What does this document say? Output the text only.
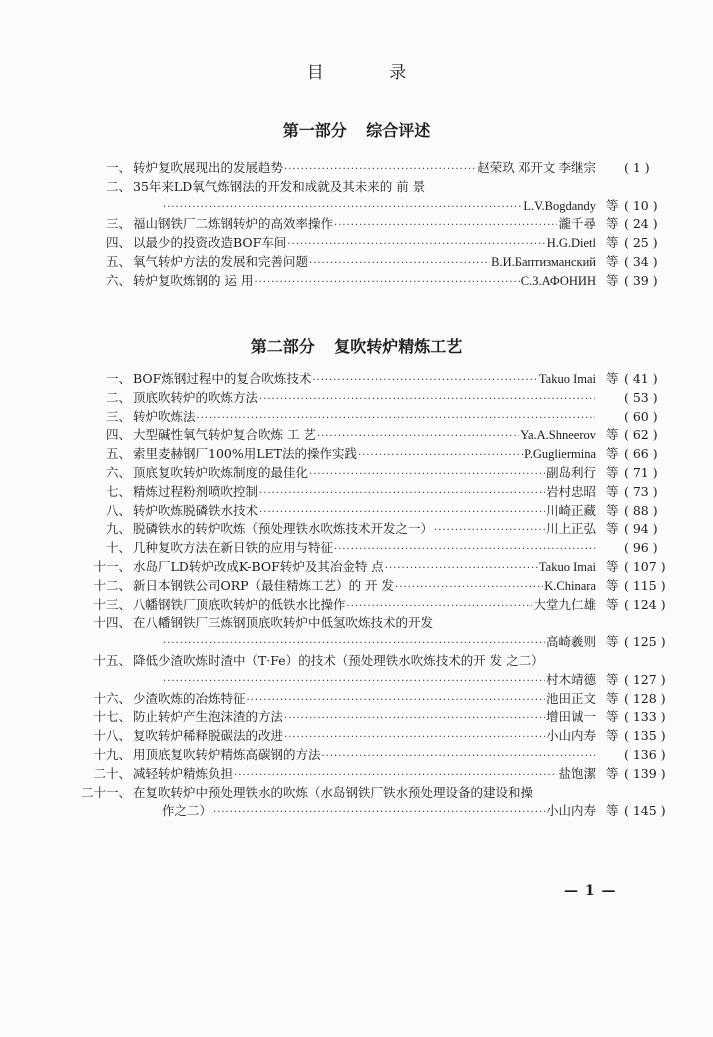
目 录
第一部分 综合评述
一、 转炉复吹展现出的发展趋势 ·····	赵荣玖 邓开文 李继宗	( 1 )
二、 35年来LD氧气炼钢法的开发和成就及其未来的 前 景
·····
L.V.Bogdandy 等	( 10 )
三、 福山钢铁厂二炼钢转炉的高效率操作 ·····	瀧千尋 等	( 24 )
四、 以最少的投资改造BOF车间 ·····	H.G.Dietl 等	( 25 )
五、 氧气转炉方法的发展和完善问题 ·····	В.И.Баптизманский 等	( 34 )
六、 转炉复吹炼钢的 运 用 ·····	С.З.АФОНИН 等	( 39 )
第二部分 复吹转炉精炼工艺
一、 BOF炼钢过程中的复合吹炼技术 ·····	Takuo Imai 等	( 41 )
二、 顶底吹转炉的吹炼方法 ·····	( 53 )
三、 转炉吹炼法 ·····	( 60 )
四、 大型碱性氧气转炉复合吹炼 工 艺 ·····	Ya.A.Shneerov 等	( 62 )
五、 索里麦赫钢厂100%用LET法的操作实践 ·····	P.Gugliermina 等	( 66 )
六、 顶底复吹转炉吹炼制度的最佳化 ·····	副岛利行 等	( 71 )
七、 精炼过程粉剂喷吹控制 ·····	岩村忠昭 等	( 73 )
八、 转炉吹炼脱磷铁水技术 ·····	川崎正藏 等	( 88 )
九、 脱磷铁水的转炉吹炼（预处理铁水吹炼技术开发之一） ·····	川上正弘 等	( 94 )
十、 几种复吹方法在新日铁的应用与特征 ·····	( 96 )
十一、 水岛厂LD转炉改成K-BOF转炉及其冶金特 点 ·····	Takuo Imai 等	( 107 )
十二、 新日本钢铁公司ORP（最佳精炼工艺）的 开 发 ·····	K.Chinara 等	( 115 )
十三、 八幡钢铁厂顶底吹转炉的低铁水比操作 ·····	大堂九仁雄 等	( 124 )
十四、 在八幡钢铁厂三炼钢顶底吹转炉中低氢吹炼技术的开发
·····
高崎羲则 等	( 125 )
十五、 降低少渣吹炼时渣中（T·Fe）的技术（预处理铁水吹炼技术的开 发 之二）
·····
村木靖德 等	( 127 )
十六、 少渣吹炼的冶炼特征 ·····	池田正文 等	( 128 )
十七、 防止转炉产生泡沫渣的方法 ·····	增田诚一 等	( 133 )
十八、 复吹转炉稀释脱碳法的改进 ·····	小山内寿 等	( 135 )
十九、 用顶底复吹转炉精炼高碳钢的方法 ·····	( 136 )
二十、 减轻转炉精炼负担 ·····	盐饱潔 等	( 139 )
二十一、 在复吹转炉中预处理铁水的吹炼（水岛钢铁厂铁水预处理设备的建设和操
作之二） ·····	小山内寿 等	( 145 )
— 1 —
